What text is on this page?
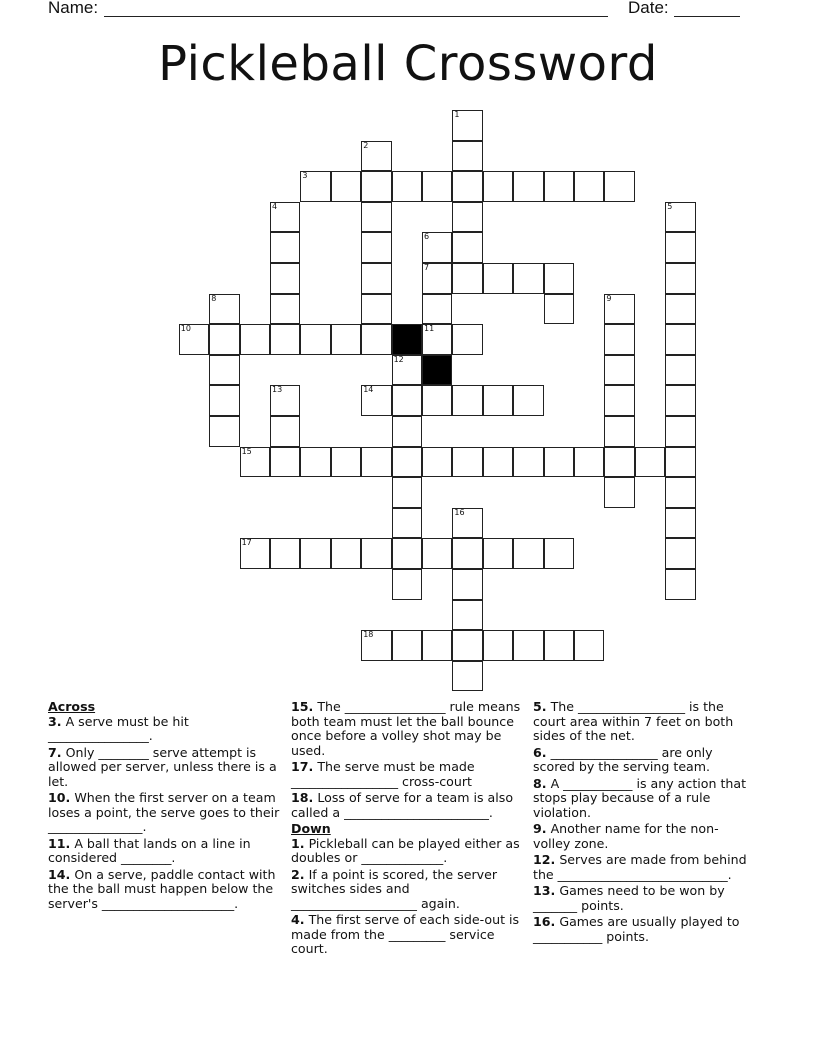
Name:	Date:
Pickleball Crossword
1
2
3
4	5
6
7
8	9
10	11
12
13	14
15
16
17
18
Across
3. A serve must be hit ________________.
7. Only ________ serve attempt is allowed per server, unless there is a let.
10. When the first server on a team loses a point, the serve goes to their _______________.
11. A ball that lands on a line in considered ________.
14. On a serve, paddle contact with the the ball must happen below the server's _____________________.
15. The ________________ rule means both team must let the ball bounce once before a volley shot may be used.
17. The serve must be made _________________ cross-court
18. Loss of serve for a team is also called a _______________________.
Down
1. Pickleball can be played either as doubles or _____________.
2. If a point is scored, the server switches sides and ____________________ again.
4. The first serve of each side-out is made from the _________ service court.
5. The _________________ is the court area within 7 feet on both sides of the net.
6. _________________ are only scored by the serving team.
8. A ___________ is any action that stops play because of a rule violation.
9. Another name for the non-volley zone.
12. Serves are made from behind the ___________________________.
13. Games need to be won by _______ points.
16. Games are usually played to ___________ points.
